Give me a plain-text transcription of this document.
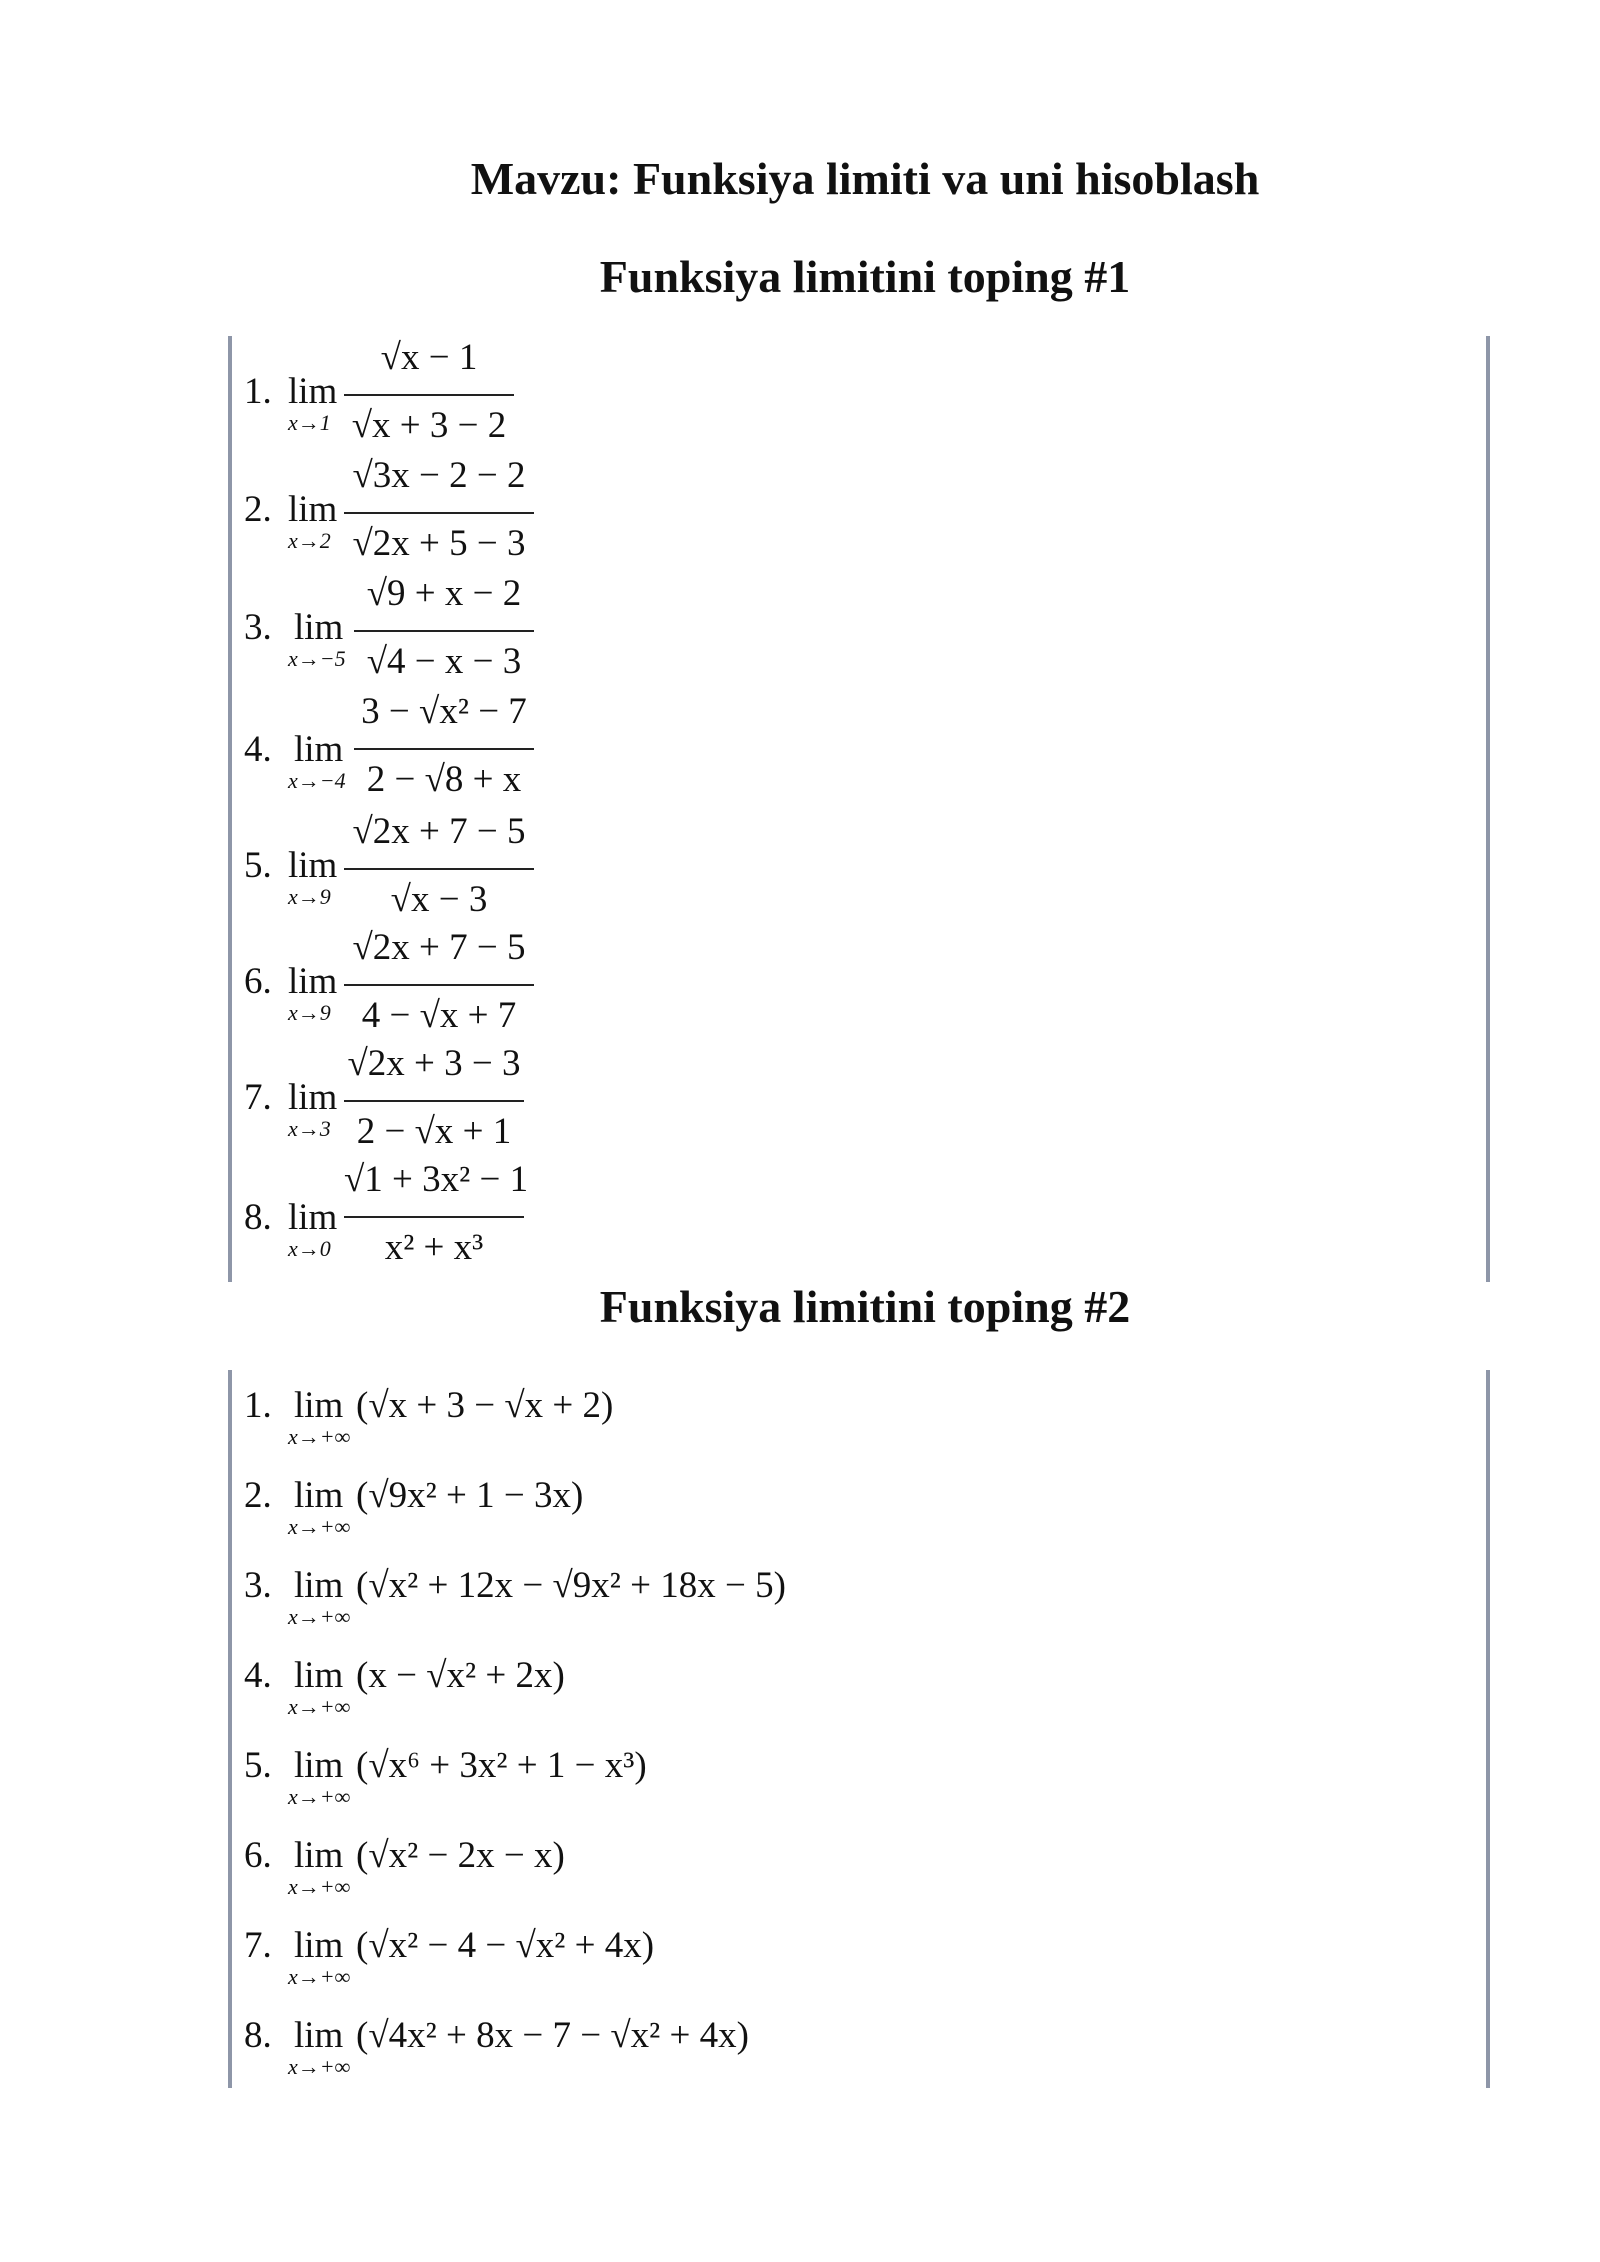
Mavzu: Funksiya limiti va uni hisoblash
Funksiya limitini toping #1
1. lim
x→1
√x − 1
√x + 3 − 2
2. lim
x→2
√3x − 2 − 2
√2x + 5 − 3
3. lim
x→−5
√9 + x − 2
√4 − x − 3
4. lim
x→−4
3 − √x² − 7
2 − √8 + x
5. lim
x→9
√2x + 7 − 5
√x − 3
6. lim
x→9
√2x + 7 − 5
4 − √x + 7
7. lim
x→3
√2x + 3 − 3
2 − √x + 1
8. lim
x→0
√1 + 3x² − 1
x² + x³
Funksiya limitini toping #2
1. lim
x→+∞
(√x + 3 − √x + 2)
2. lim
x→+∞
(√9x² + 1 − 3x)
3. lim
x→+∞
(√x² + 12x − √9x² + 18x − 5)
4. lim
x→+∞
(x − √x² + 2x)
5. lim
x→+∞
(√x⁶ + 3x² + 1 − x³)
6. lim
x→+∞
(√x² − 2x − x)
7. lim
x→+∞
(√x² − 4 − √x² + 4x)
8. lim
x→+∞
(√4x² + 8x − 7 − √x² + 4x)
